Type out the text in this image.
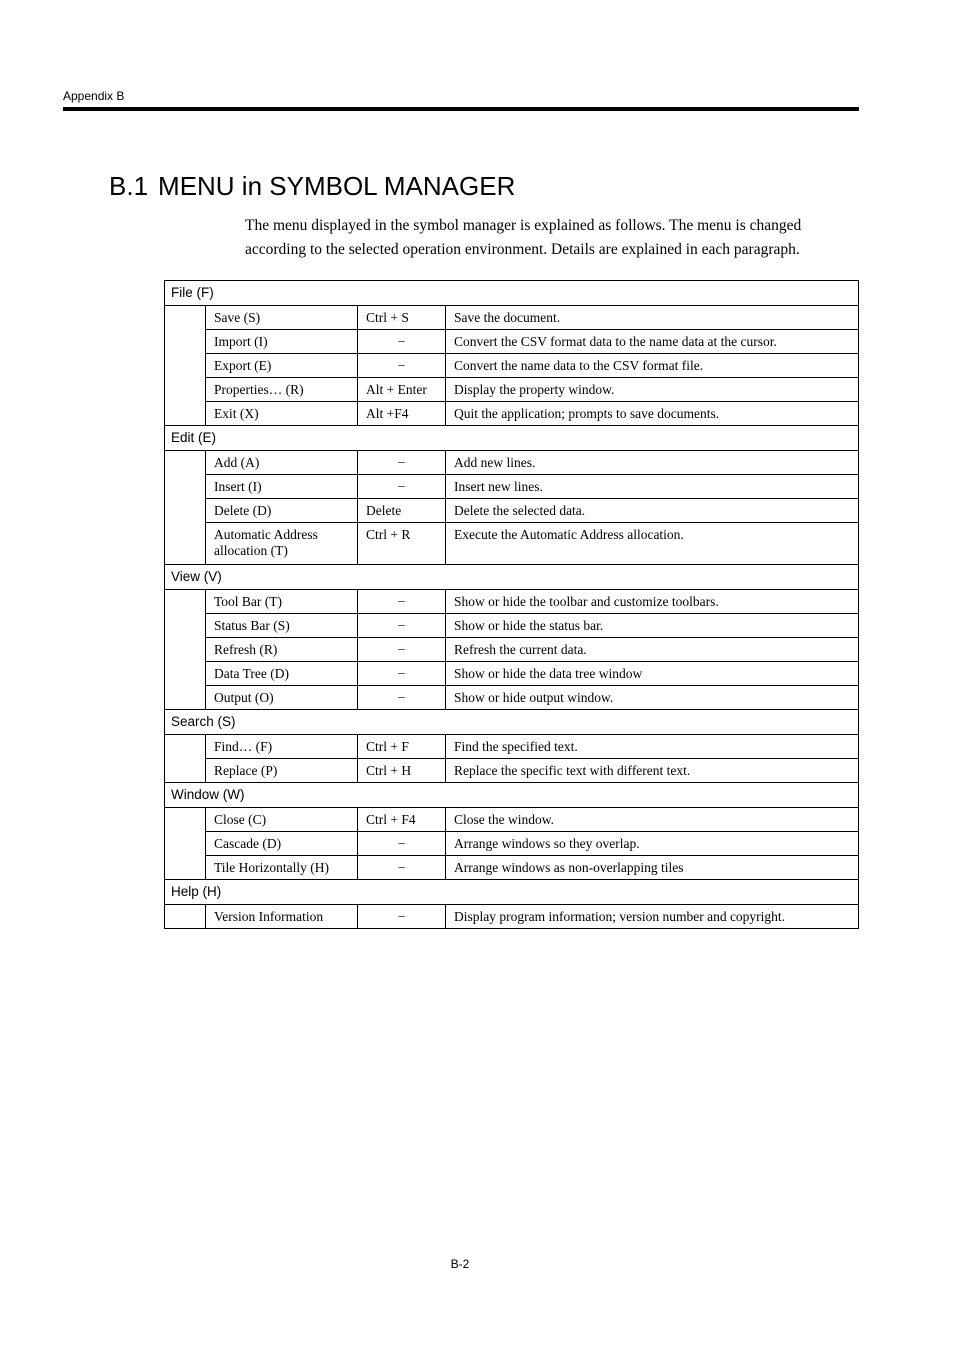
Appendix B
B.1 MENU in SYMBOL MANAGER

The menu displayed in the symbol manager is explained as follows. The menu is changed according to the selected operation environment. Details are explained in each paragraph.

File (F)			
	Save (S)	Ctrl + S	Save the document.
	Import (I)	−	Convert the CSV format data to the name data at the cursor.
	Export (E)	−	Convert the name data to the CSV format file.
	Properties… (R)	Alt + Enter	Display the property window.
	Exit (X)	Alt +F4	Quit the application; prompts to save documents.
Edit (E)			
	Add (A)	−	Add new lines.
	Insert (I)	−	Insert new lines.
	Delete (D)	Delete	Delete the selected data.
	Automatic Address allocation (T)	Ctrl + R	Execute the Automatic Address allocation.
View (V)			
	Tool Bar (T)	−	Show or hide the toolbar and customize toolbars.
	Status Bar (S)	−	Show or hide the status bar.
	Refresh (R)	−	Refresh the current data.
	Data Tree (D)	−	Show or hide the data tree window
	Output (O)	−	Show or hide output window.
Search (S)			
	Find… (F)	Ctrl + F	Find the specified text.
	Replace (P)	Ctrl + H	Replace the specific text with different text.
Window (W)			
	Close (C)	Ctrl + F4	Close the window.
	Cascade (D)	−	Arrange windows so they overlap.
	Tile Horizontally (H)	−	Arrange windows as non-overlapping tiles
Help (H)			
	Version Information	−	Display program information; version number and copyright.
B-2
